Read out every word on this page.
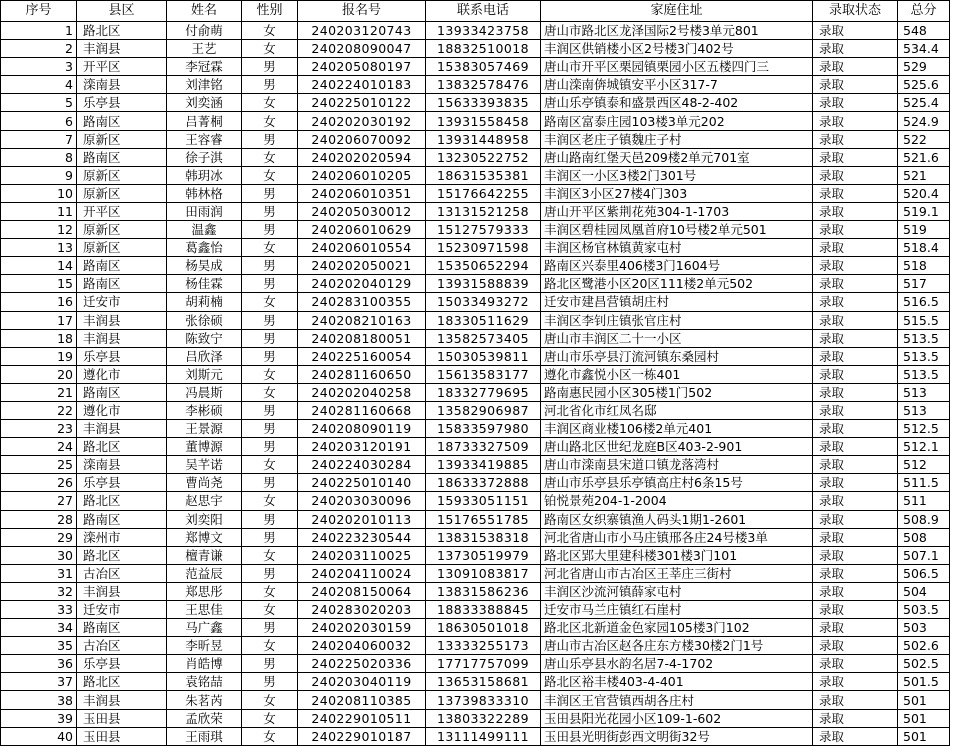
序号	县区	姓名	性别	报名号	联系电话	家庭住址	录取状态	总分
1	路北区	付俞萌	女	240203120743	13933423758	唐山市路北区龙泽国际2号楼3单元801	录取	548
2	丰润县	王艺	女	240208090047	18832510018	丰润区供销楼小区2号楼3门402号	录取	534.4
3	开平区	李冠霖	男	240205080197	15383057469	唐山市开平区栗园镇栗园小区五楼四门三	录取	529
4	滦南县	刘津铭	男	240224010183	13832578476	唐山滦南倴城镇安平小区317-7	录取	525.6
5	乐亭县	刘奕涵	女	240225010122	15633393835	唐山乐亭镇泰和盛景西区48-2-402	录取	525.4
6	路南区	吕菁桐	女	240202030192	13931558458	路南区富泰庄园103楼3单元202	录取	524.9
7	原新区	王容睿	男	240206070092	13931448958	丰润区老庄子镇魏庄子村	录取	522
8	路南区	徐子淇	女	240202020594	13230522752	唐山路南红堡天邑209楼2单元701室	录取	521.6
9	原新区	韩玥冰	女	240206010205	18631535381	丰润区一小区3楼2门301号	录取	521
10	原新区	韩林格	男	240206010351	15176642255	丰润区3小区27楼4门303	录取	520.4
11	开平区	田雨润	男	240205030012	13131521258	唐山开平区紫荆花苑304-1-1703	录取	519.1
12	原新区	温鑫	男	240206010629	15127579333	丰润区碧桂园凤凰首府10号楼2单元501	录取	519
13	原新区	葛鑫怡	女	240206010554	15230971598	丰润区杨官林镇黄家屯村	录取	518.4
14	路南区	杨昊成	男	240202050021	15350652294	路南区兴泰里406楼3门1604号	录取	518
15	路南区	杨佳霖	男	240202040129	13931588839	路北区鹭港小区20区111楼2单元502	录取	517
16	迁安市	胡莉楠	女	240283100355	15033493272	迁安市建昌营镇胡庄村	录取	516.5
17	丰润县	张徐硕	男	240208210163	18330511629	丰润区李钊庄镇张官庄村	录取	515.5
18	丰润县	陈致宁	男	240208180051	13582573405	唐山市丰润区二十一小区	录取	513.5
19	乐亭县	吕欣泽	男	240225160054	15030539811	唐山市乐亭县汀流河镇东桑园村	录取	513.5
20	遵化市	刘斯元	女	240281160650	15613583177	遵化市鑫悦小区一栋401	录取	513.5
21	路南区	冯晨斯	女	240202040258	18332779695	路南惠民园小区305楼1门502	录取	513
22	遵化市	李彬硕	男	240281160668	13582906987	河北省化市红凤名邸	录取	513
23	丰润县	王景源	男	240208090119	15833597980	丰润区商业楼106楼2单元401	录取	512.5
24	路北区	董博源	男	240203120191	18733327509	唐山路北区世纪龙庭B区403-2-901	录取	512.1
25	滦南县	吴芊诺	女	240224030284	13933419885	唐山市滦南县宋道口镇龙落湾村	录取	512
26	乐亭县	曹尚尧	男	240225010140	18633372888	唐山市乐亭县乐亭镇高庄村6条15号	录取	511.5
27	路北区	赵思宇	女	240203030096	15933051151	铂悦景苑204-1-2004	录取	511
28	路南区	刘奕阳	男	240202010113	15176551785	路南区女织寨镇渔人码头1期1-2601	录取	508.9
29	滦州市	郑博文	男	240223230544	13831538318	河北省唐山市小马庄镇邢各庄24号楼3单	录取	508
30	路北区	檀青谦	女	240203110025	13730519979	路北区郢大里建科楼301楼3门101	录取	507.1
31	古冶区	范益辰	男	240204110024	13091083817	河北省唐山市古冶区王莘庄三街村	录取	506.5
32	丰润县	郑思彤	女	240208150064	13831586236	丰润区沙流河镇薛家屯村	录取	504
33	迁安市	王思佳	女	240283020203	18833388845	迁安市马兰庄镇红石崖村	录取	503.5
34	路南区	马广鑫	男	240202030159	18630501018	路北区北新道金色家园105楼3门102	录取	503
35	古冶区	李昕昱	女	240204060032	13333255173	唐山市古冶区赵各庄东方楼30楼2门1号	录取	502.6
36	乐亭县	肖皓博	男	240225020336	17717757099	唐山乐亭县水韵名居7-4-1702	录取	502.5
37	路北区	袁铭喆	男	240203040119	13653158681	路北区裕丰楼403-4-401	录取	501.5
38	丰润县	朱茗芮	女	240208110385	13739833310	丰润区王官营镇西胡各庄村	录取	501
39	玉田县	孟欣荣	女	240229010511	13803322289	玉田县阳光花园小区109-1-602	录取	501
40	玉田县	王雨琪	女	240229010187	13111499111	玉田县光明街彭西文明街32号	录取	501
